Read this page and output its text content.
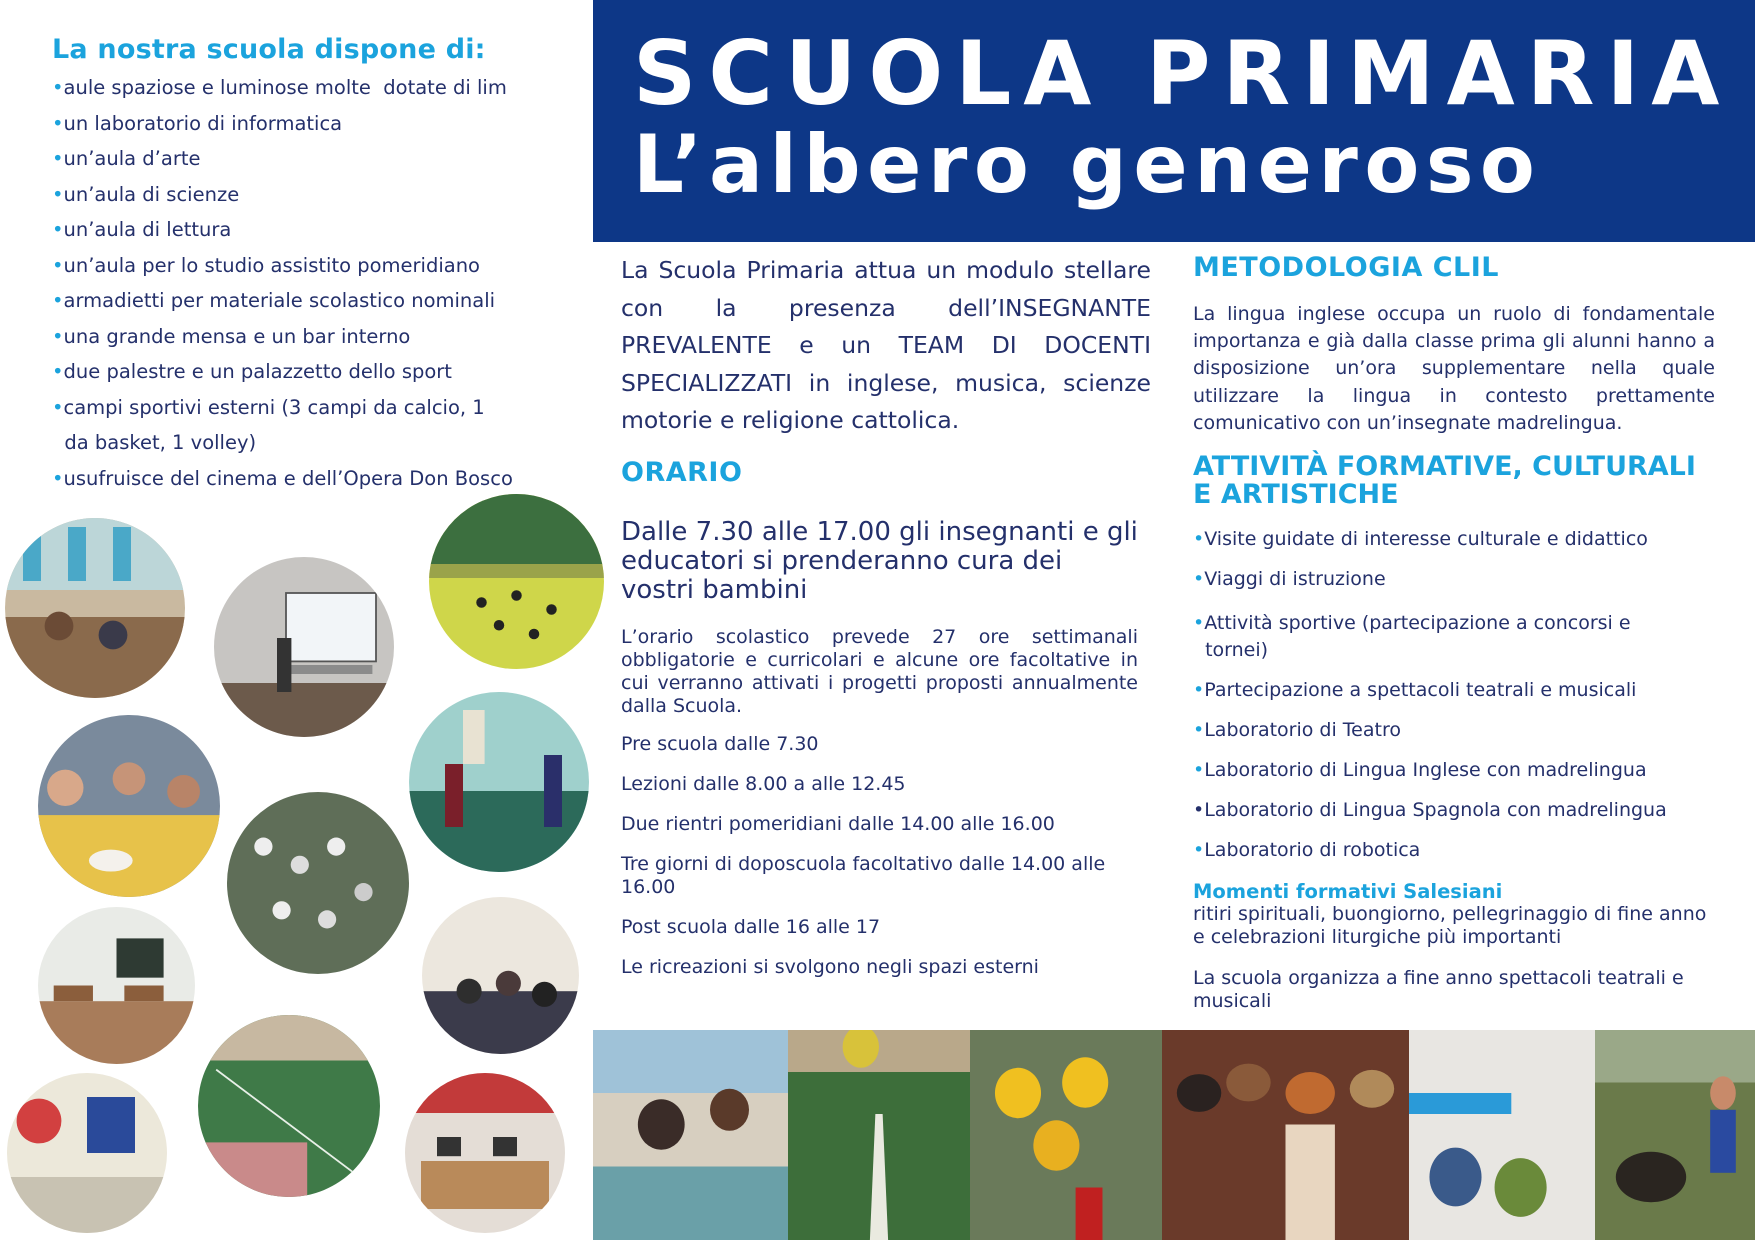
La nostra scuola dispone di:
•aule spaziose e luminose molte  dotate di lim
•un laboratorio di informatica
•un’aula d’arte
•un’aula di scienze
•un’aula di lettura
•un’aula per lo studio assistito pomeridiano
•armadietti per materiale scolastico nominali
•una grande mensa e un bar interno
•due palestre e un palazzetto dello sport
•campi sportivi esterni (3 campi da calcio, 1
da basket, 1 volley)
•usufruisce del cinema e dell’Opera Don Bosco
SCUOLA PRIMARIA
L’albero generoso

La Scuola Primaria attua un modulo stellare con la presenza dell’INSEGNANTE PREVALENTE e un TEAM DI DOCENTI SPECIALIZZATI in inglese, musica, scienze motorie e religione cattolica.

ORARIO

Dalle 7.30 alle 17.00 gli insegnanti e gli educatori si prenderanno cura dei vostri bambini

L’orario scolastico prevede 27 ore settimanali obbligatorie e curricolari e alcune ore facoltative in cui verranno attivati i progetti proposti annualmente dalla Scuola.

Pre scuola dalle 7.30
Lezioni dalle 8.00 a alle 12.45
Due rientri pomeridiani dalle 14.00 alle 16.00
Tre giorni di doposcuola facoltativo dalle 14.00 alle 16.00
Post scuola dalle 16 alle 17
Le ricreazioni si svolgono negli spazi esterni
METODOLOGIA CLIL

La lingua inglese occupa un ruolo di fondamentale importanza e già dalla classe prima gli alunni hanno a disposizione un’ora supplementare nella quale utilizzare la lingua in contesto prettamente comunicativo con un’insegnate madrelingua.

ATTIVITÀ FORMATIVE, CULTURALI E ARTISTICHE
•Visite guidate di interesse culturale e didattico
•Viaggi di istruzione
•Attività sportive (partecipazione a concorsi e
tornei)
•Partecipazione a spettacoli teatrali e musicali
•Laboratorio di Teatro
•Laboratorio di Lingua Inglese con madrelingua
•Laboratorio di Lingua Spagnola con madrelingua
•Laboratorio di robotica
Momenti formativi Salesiani

ritiri spirituali, buongiorno, pellegrinaggio di fine anno e celebrazioni liturgiche più importanti

La scuola organizza a fine anno spettacoli teatrali e musicali
